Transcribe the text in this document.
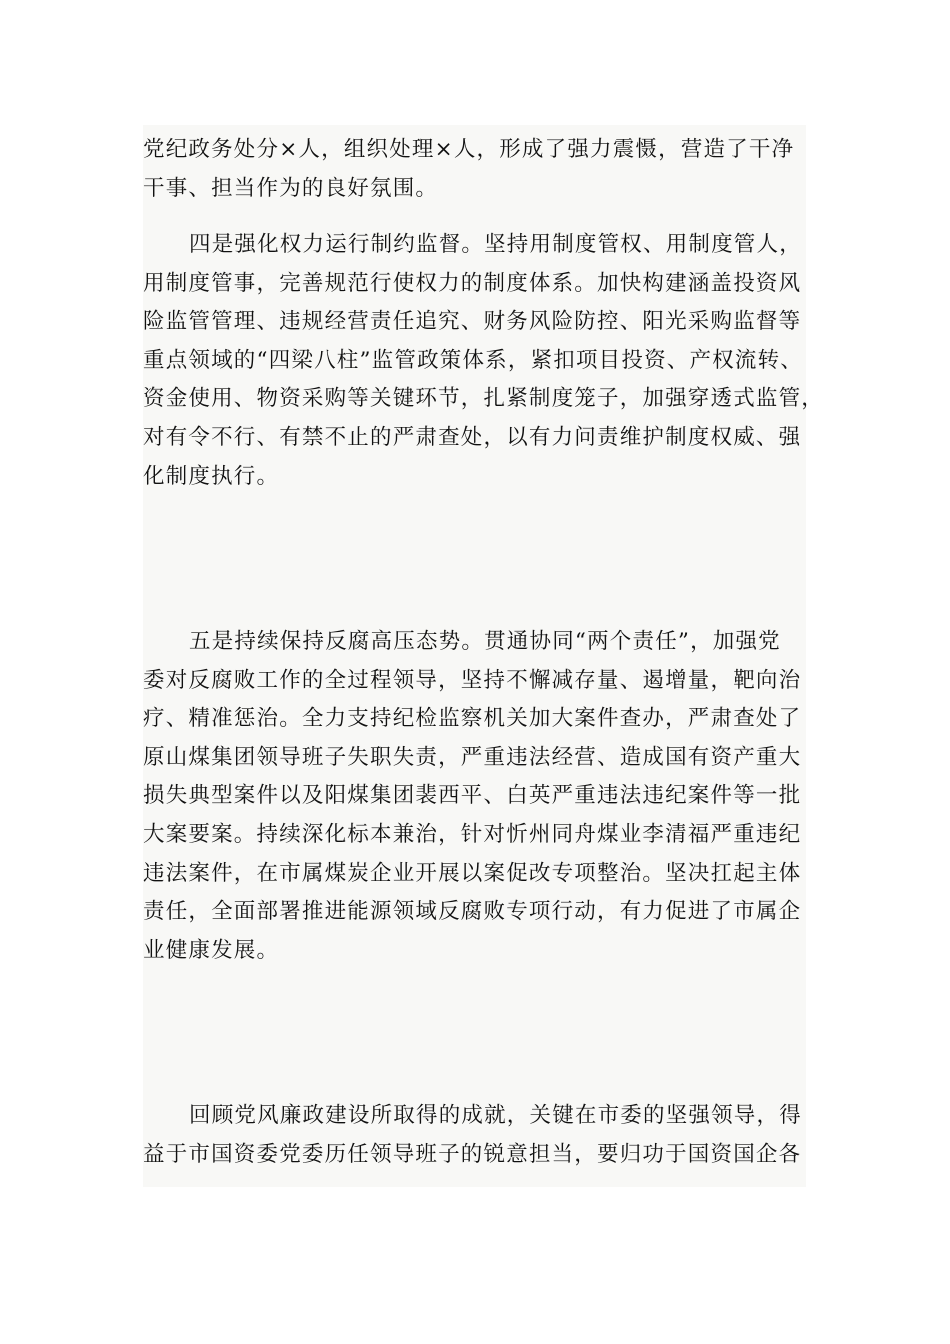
党纪政务处分×人，组织处理×人，形成了强力震慑，营造了干净
干事、担当作为的良好氛围。

四是强化权力运行制约监督。坚持用制度管权、用制度管人，
用制度管事，完善规范行使权力的制度体系。加快构建涵盖投资风
险监管管理、违规经营责任追究、财务风险防控、阳光采购监督等
重点领域的“四梁八柱”监管政策体系，紧扣项目投资、产权流转、
资金使用、物资采购等关键环节，扎紧制度笼子，加强穿透式监管，
对有令不行、有禁不止的严肃查处，以有力问责维护制度权威、强
化制度执行。

五是持续保持反腐高压态势。贯通协同“两个责任”，加强党
委对反腐败工作的全过程领导，坚持不懈减存量、遏增量，靶向治
疗、精准惩治。全力支持纪检监察机关加大案件查办，严肃查处了
原山煤集团领导班子失职失责，严重违法经营、造成国有资产重大
损失典型案件以及阳煤集团裴西平、白英严重违法违纪案件等一批
大案要案。持续深化标本兼治，针对忻州同舟煤业李清福严重违纪
违法案件，在市属煤炭企业开展以案促改专项整治。坚决扛起主体
责任，全面部署推进能源领域反腐败专项行动，有力促进了市属企
业健康发展。

回顾党风廉政建设所取得的成就，关键在市委的坚强领导，得
益于市国资委党委历任领导班子的锐意担当，要归功于国资国企各
